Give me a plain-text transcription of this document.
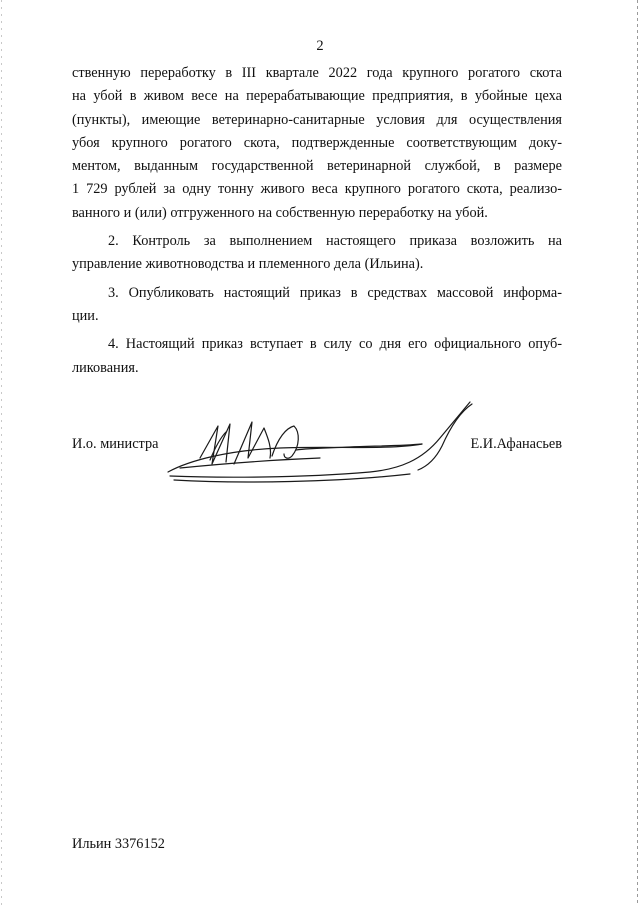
2

ственную переработку в III квартале 2022 года крупного рогатого скота
на убой в живом весе на перерабатывающие предприятия, в убойные цеха
(пункты), имеющие ветеринарно-санитарные условия для осуществления
убоя крупного рогатого скота, подтвержденные соответствующим доку-
ментом, выданным государственной ветеринарной службой, в размере
1 729 рублей за одну тонну живого веса крупного рогатого скота, реализо-
ванного и (или) отгруженного на собственную переработку на убой.

2. Контроль за выполнением настоящего приказа возложить на
управление животноводства и племенного дела (Ильина).

3. Опубликовать настоящий приказ в средствах массовой информа-
ции.

4. Настоящий приказ вступает в силу со дня его официального опуб-
ликования.

И.о. министра	Е.И.Афанасьев
Ильин 3376152
